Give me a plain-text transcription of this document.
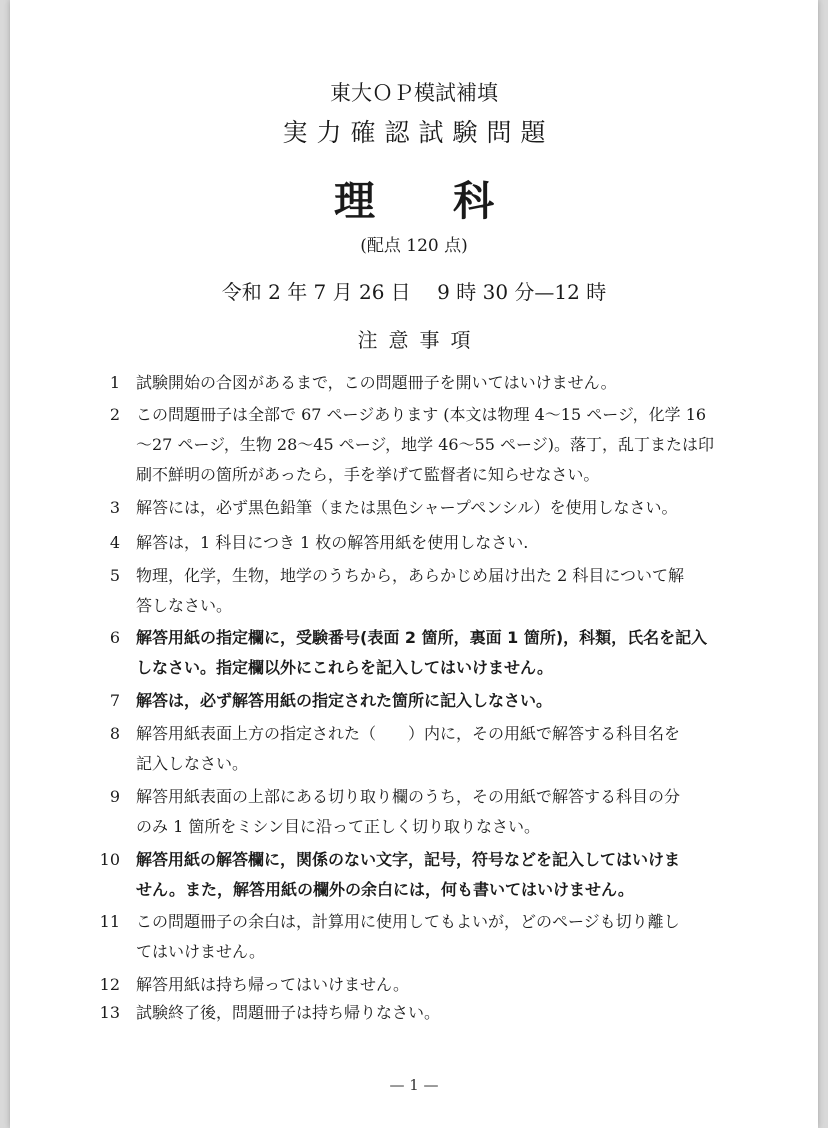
東大ＯＰ模試補填
実力確認試験問題
理 科
(配点 120 点)
令和 2 年 7 月 26 日　 9 時 30 分—12 時
注意事項
1 試験開始の合図があるまで，この問題冊子を開いてはいけません。
2 この問題冊子は全部で 67 ページあります (本文は物理 4〜15 ページ，化学 16
〜27 ページ，生物 28〜45 ページ，地学 46〜55 ページ)。落丁，乱丁または印
刷不鮮明の箇所があったら，手を挙げて監督者に知らせなさい。
3 解答には，必ず黒色鉛筆（または黒色シャープペンシル）を使用しなさい。
4 解答は，1 科目につき 1 枚の解答用紙を使用しなさい.
5 物理，化学，生物，地学のうちから，あらかじめ届け出た 2 科目について解
答しなさい。
6 解答用紙の指定欄に，受験番号(表面 2 箇所，裏面 1 箇所)，科類，氏名を記入
しなさい。指定欄以外にこれらを記入してはいけません。
7 解答は，必ず解答用紙の指定された箇所に記入しなさい。
8 解答用紙表面上方の指定された（　　）内に，その用紙で解答する科目名を
記入しなさい。
9 解答用紙表面の上部にある切り取り欄のうち，その用紙で解答する科目の分
のみ 1 箇所をミシン目に沿って正しく切り取りなさい。
10 解答用紙の解答欄に，関係のない文字，記号，符号などを記入してはいけま
せん。また，解答用紙の欄外の余白には，何も書いてはいけません。
11 この問題冊子の余白は，計算用に使用してもよいが，どのページも切り離し
てはいけません。
12 解答用紙は持ち帰ってはいけません。
13 試験終了後，問題冊子は持ち帰りなさい。
— 1 —
